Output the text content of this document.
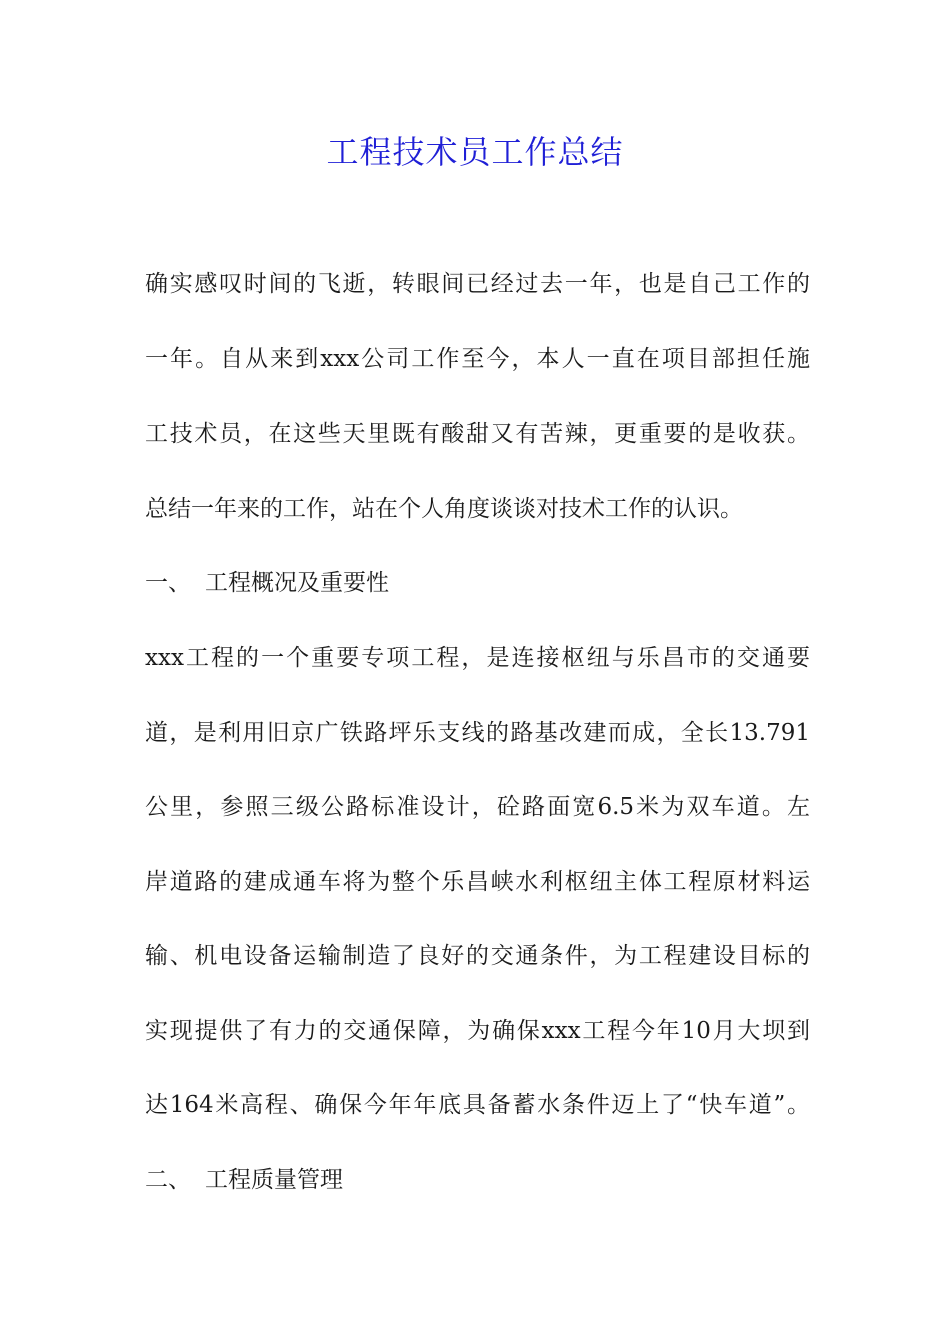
工程技术员工作总结

确实感叹时间的飞逝，转眼间已经过去一年，也是自己工作的

一年。自从来到xxx公司工作至今，本人一直在项目部担任施

工技术员，在这些天里既有酸甜又有苦辣，更重要的是收获。

总结一年来的工作，站在个人角度谈谈对技术工作的认识。

一、 工程概况及重要性

xxx工程的一个重要专项工程，是连接枢纽与乐昌市的交通要

道，是利用旧京广铁路坪乐支线的路基改建而成，全长13.791

公里，参照三级公路标准设计，砼路面宽6.5米为双车道。左

岸道路的建成通车将为整个乐昌峡水利枢纽主体工程原材料运

输、机电设备运输制造了良好的交通条件，为工程建设目标的

实现提供了有力的交通保障，为确保xxx工程今年10月大坝到

达164米高程、确保今年年底具备蓄水条件迈上了“快车道”。

二、 工程质量管理
